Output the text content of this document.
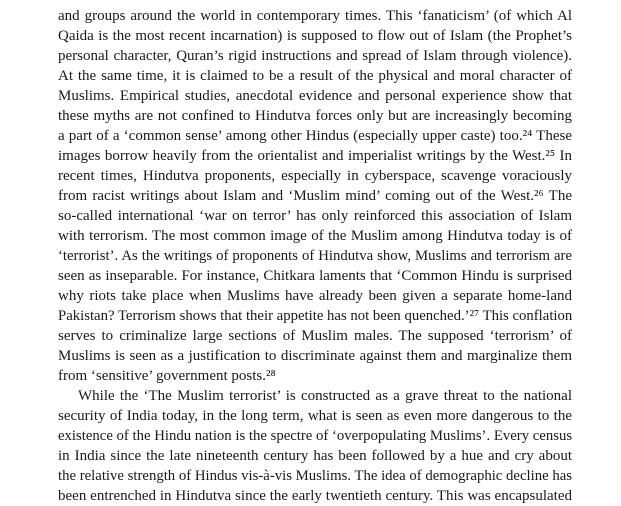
and groups around the world in contemporary times. This ‘fanaticism’ (of which Al
Qaida is the most recent incarnation) is supposed to flow out of Islam (the Prophet’s
personal character, Quran’s rigid instructions and spread of Islam through violence).
At the same time, it is claimed to be a result of the physical and moral character of
Muslims. Empirical studies, anecdotal evidence and personal experience show that
these myths are not confined to Hindutva forces only but are increasingly becoming
a part of a ‘common sense’ among other Hindus (especially upper caste) too.²⁴ These
images borrow heavily from the orientalist and imperialist writings by the West.²⁵ In
recent times, Hindutva proponents, especially in cyberspace, scavenge voraciously
from racist writings about Islam and ‘Muslim mind’ coming out of the West.²⁶ The
so-called international ‘war on terror’ has only reinforced this association of Islam
with terrorism. The most common image of the Muslim among Hindutva today is of
‘terrorist’. As the writings of proponents of Hindutva show, Muslims and terrorism are
seen as inseparable. For instance, Chitkara laments that ‘Common Hindu is surprised
why riots take place when Muslims have already been given a separate home-land
Pakistan? Terrorism shows that their appetite has not been quenched.’²⁷ This conflation
serves to criminalize large sections of Muslim males. The supposed ‘terrorism’ of
Muslims is seen as a justification to discriminate against them and marginalize them
from ‘sensitive’ government posts.²⁸
While the ‘The Muslim terrorist’ is constructed as a grave threat to the national
security of India today, in the long term, what is seen as even more dangerous to the
existence of the Hindu nation is the spectre of ‘overpopulating Muslims’. Every census
in India since the late nineteenth century has been followed by a hue and cry about
the relative strength of Hindus vis-à-vis Muslims. The idea of demographic decline has
been entrenched in Hindutva since the early twentieth century. This was encapsulated
